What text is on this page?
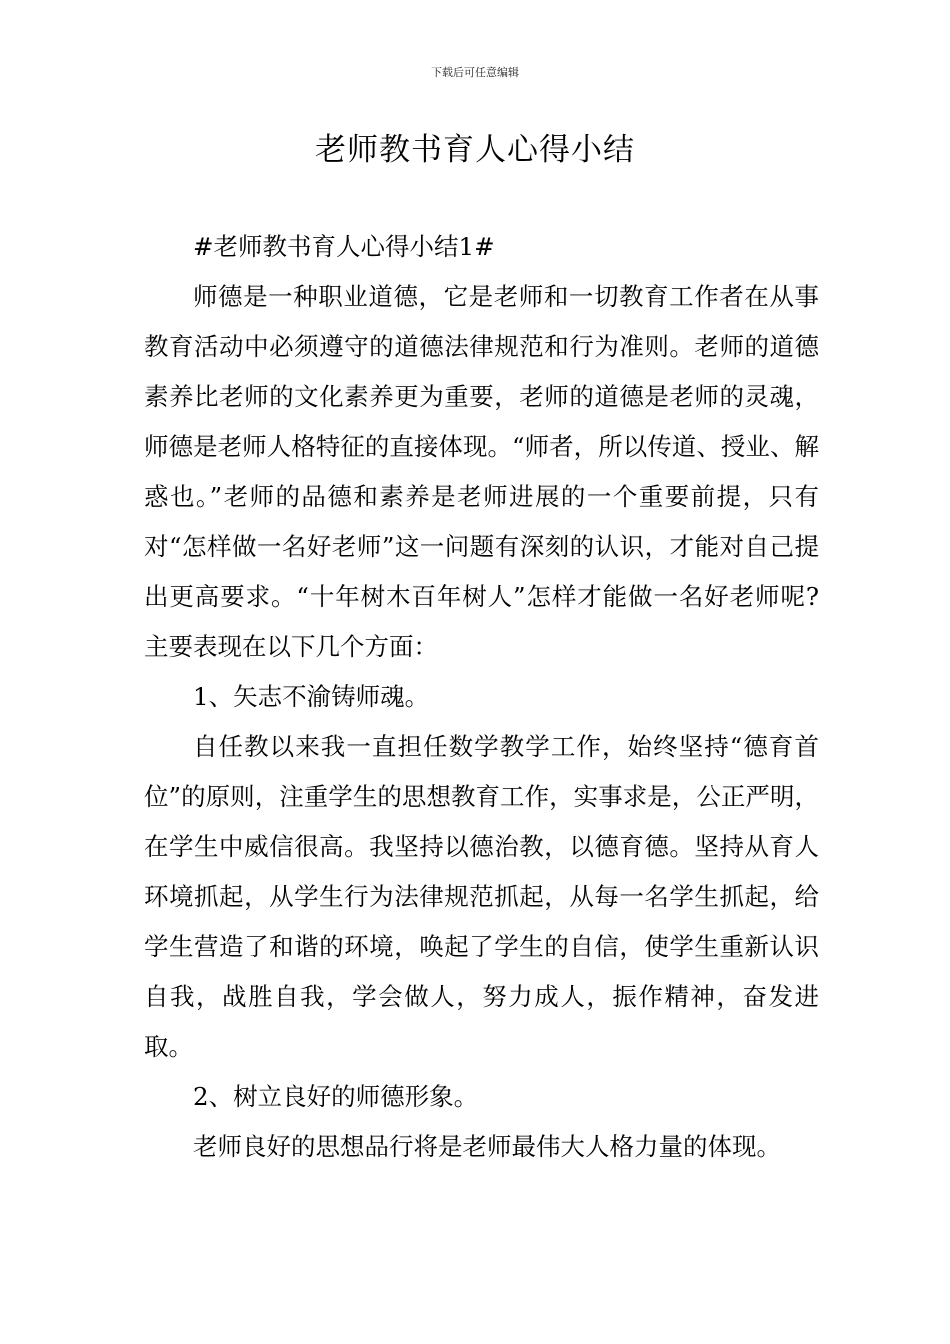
下载后可任意编辑
老师教书育人心得小结

#老师教书育人心得小结1#

师德是一种职业道德，它是老师和一切教育工作者在从事教育活动中必须遵守的道德法律规范和行为准则。老师的道德素养比老师的文化素养更为重要，老师的道德是老师的灵魂，师德是老师人格特征的直接体现。“师者，所以传道、授业、解惑也。”老师的品德和素养是老师进展的一个重要前提，只有对“怎样做一名好老师”这一问题有深刻的认识，才能对自己提出更高要求。“十年树木百年树人”怎样才能做一名好老师呢?主要表现在以下几个方面：

1、矢志不渝铸师魂。

自任教以来我一直担任数学教学工作，始终坚持“德育首位”的原则，注重学生的思想教育工作，实事求是，公正严明，在学生中威信很高。我坚持以德治教，以德育德。坚持从育人环境抓起，从学生行为法律规范抓起，从每一名学生抓起，给学生营造了和谐的环境，唤起了学生的自信，使学生重新认识自我，战胜自我，学会做人，努力成人，振作精神，奋发进取。

2、树立良好的师德形象。

老师良好的思想品行将是老师最伟大人格力量的体现。
